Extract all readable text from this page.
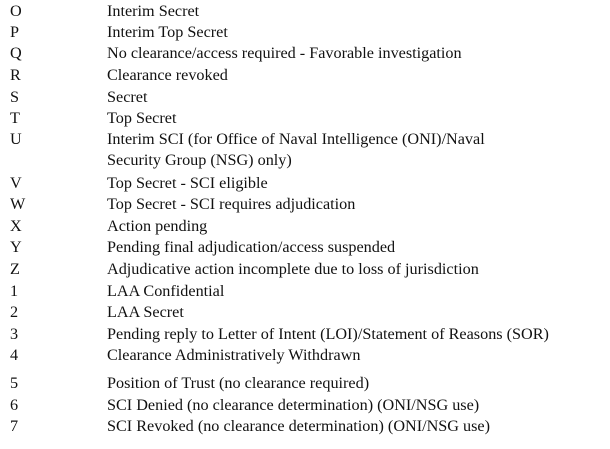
O	Interim Secret
P	Interim Top Secret
Q	No clearance/access required - Favorable investigation
R	Clearance revoked
S	Secret
T	Top Secret
U	Interim SCI (for Office of Naval Intelligence (ONI)/Naval
Security Group (NSG) only)
V	Top Secret - SCI eligible
W	Top Secret - SCI requires adjudication
X	Action pending
Y	Pending final adjudication/access suspended
Z	Adjudicative action incomplete due to loss of jurisdiction
1	LAA Confidential
2	LAA Secret
3	Pending reply to Letter of Intent (LOI)/Statement of Reasons (SOR)
4	Clearance Administratively Withdrawn
5	Position of Trust (no clearance required)
6	SCI Denied (no clearance determination) (ONI/NSG use)
7	SCI Revoked (no clearance determination) (ONI/NSG use)
